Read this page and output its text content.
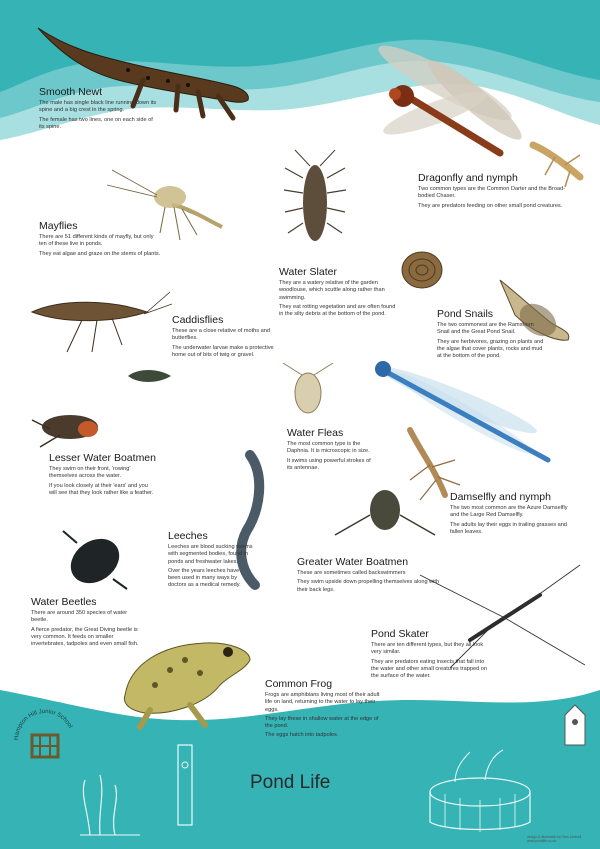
Hampton Hill Junior School
Smooth Newt

The male has single black line running down its spine and a big crest in the spring.

The female has two lines, one on each side of its spine.

Dragonfly and nymph

Two common types are the Common Darter and the Broad-bodied Chaser.

They are predators feeding on other small pond creatures.

Mayflies

There are 51 different kinds of mayfly, but only ten of these live in ponds.

They eat algae and graze on the stems of plants.

Water Slater

They are a watery relative of the garden woodlouse, which scuttle along rather than swimming.

They eat rotting vegetation and are often found in the silty debris at the bottom of the pond.

Caddisflies

These are a close relative of moths and butterflies.

The underwater larvae make a protective home out of bits of twig or gravel.

Pond Snails

The two commonest are the Ramshorn Snail and the Great Pond Snail.

They are herbivores, grazing on plants and the algae that cover plants, rocks and mud at the bottom of the pond.

Lesser Water Boatmen

They swim on their front, 'rowing' themselves across the water.

If you look closely at their 'ears' and you will see that they look rather like a feather.

Water Fleas

The most common type is the Daphnia. It is microscopic in size.

It swims using powerful strokes of its antennae.

Damselfly and nymph

The two most common are the Azure Damselfly and the Large Red Damselfly.

The adults lay their eggs in trailing grasses and fallen leaves.

Leeches

Leeches are blood sucking worms with segmented bodies, found in ponds and freshwater lakes.

Over the years leeches have been used in many ways by doctors as a medical remedy.

Water Beetles

There are around 350 species of water beetle.

A fierce predator, the Great Diving beetle is very common. It feeds on smaller invertebrates, tadpoles and even small fish.

Greater Water Boatmen

These are sometimes called backswimmers

They swim upside down propelling themselves along with their back legs.

Pond Skater

There are ten different types, but they all look very similar.

They are predators eating insects that fall into the water and other small creatures trapped on the surface of the water.

Common Frog

Frogs are amphibians living most of their adult life on land, returning to the water to lay their eggs.

They lay these in shallow water at the edge of the pond.

The eggs hatch into tadpoles.

Pond Life
design & illustration by Tess Lindsell
www.pondlife.co.uk
